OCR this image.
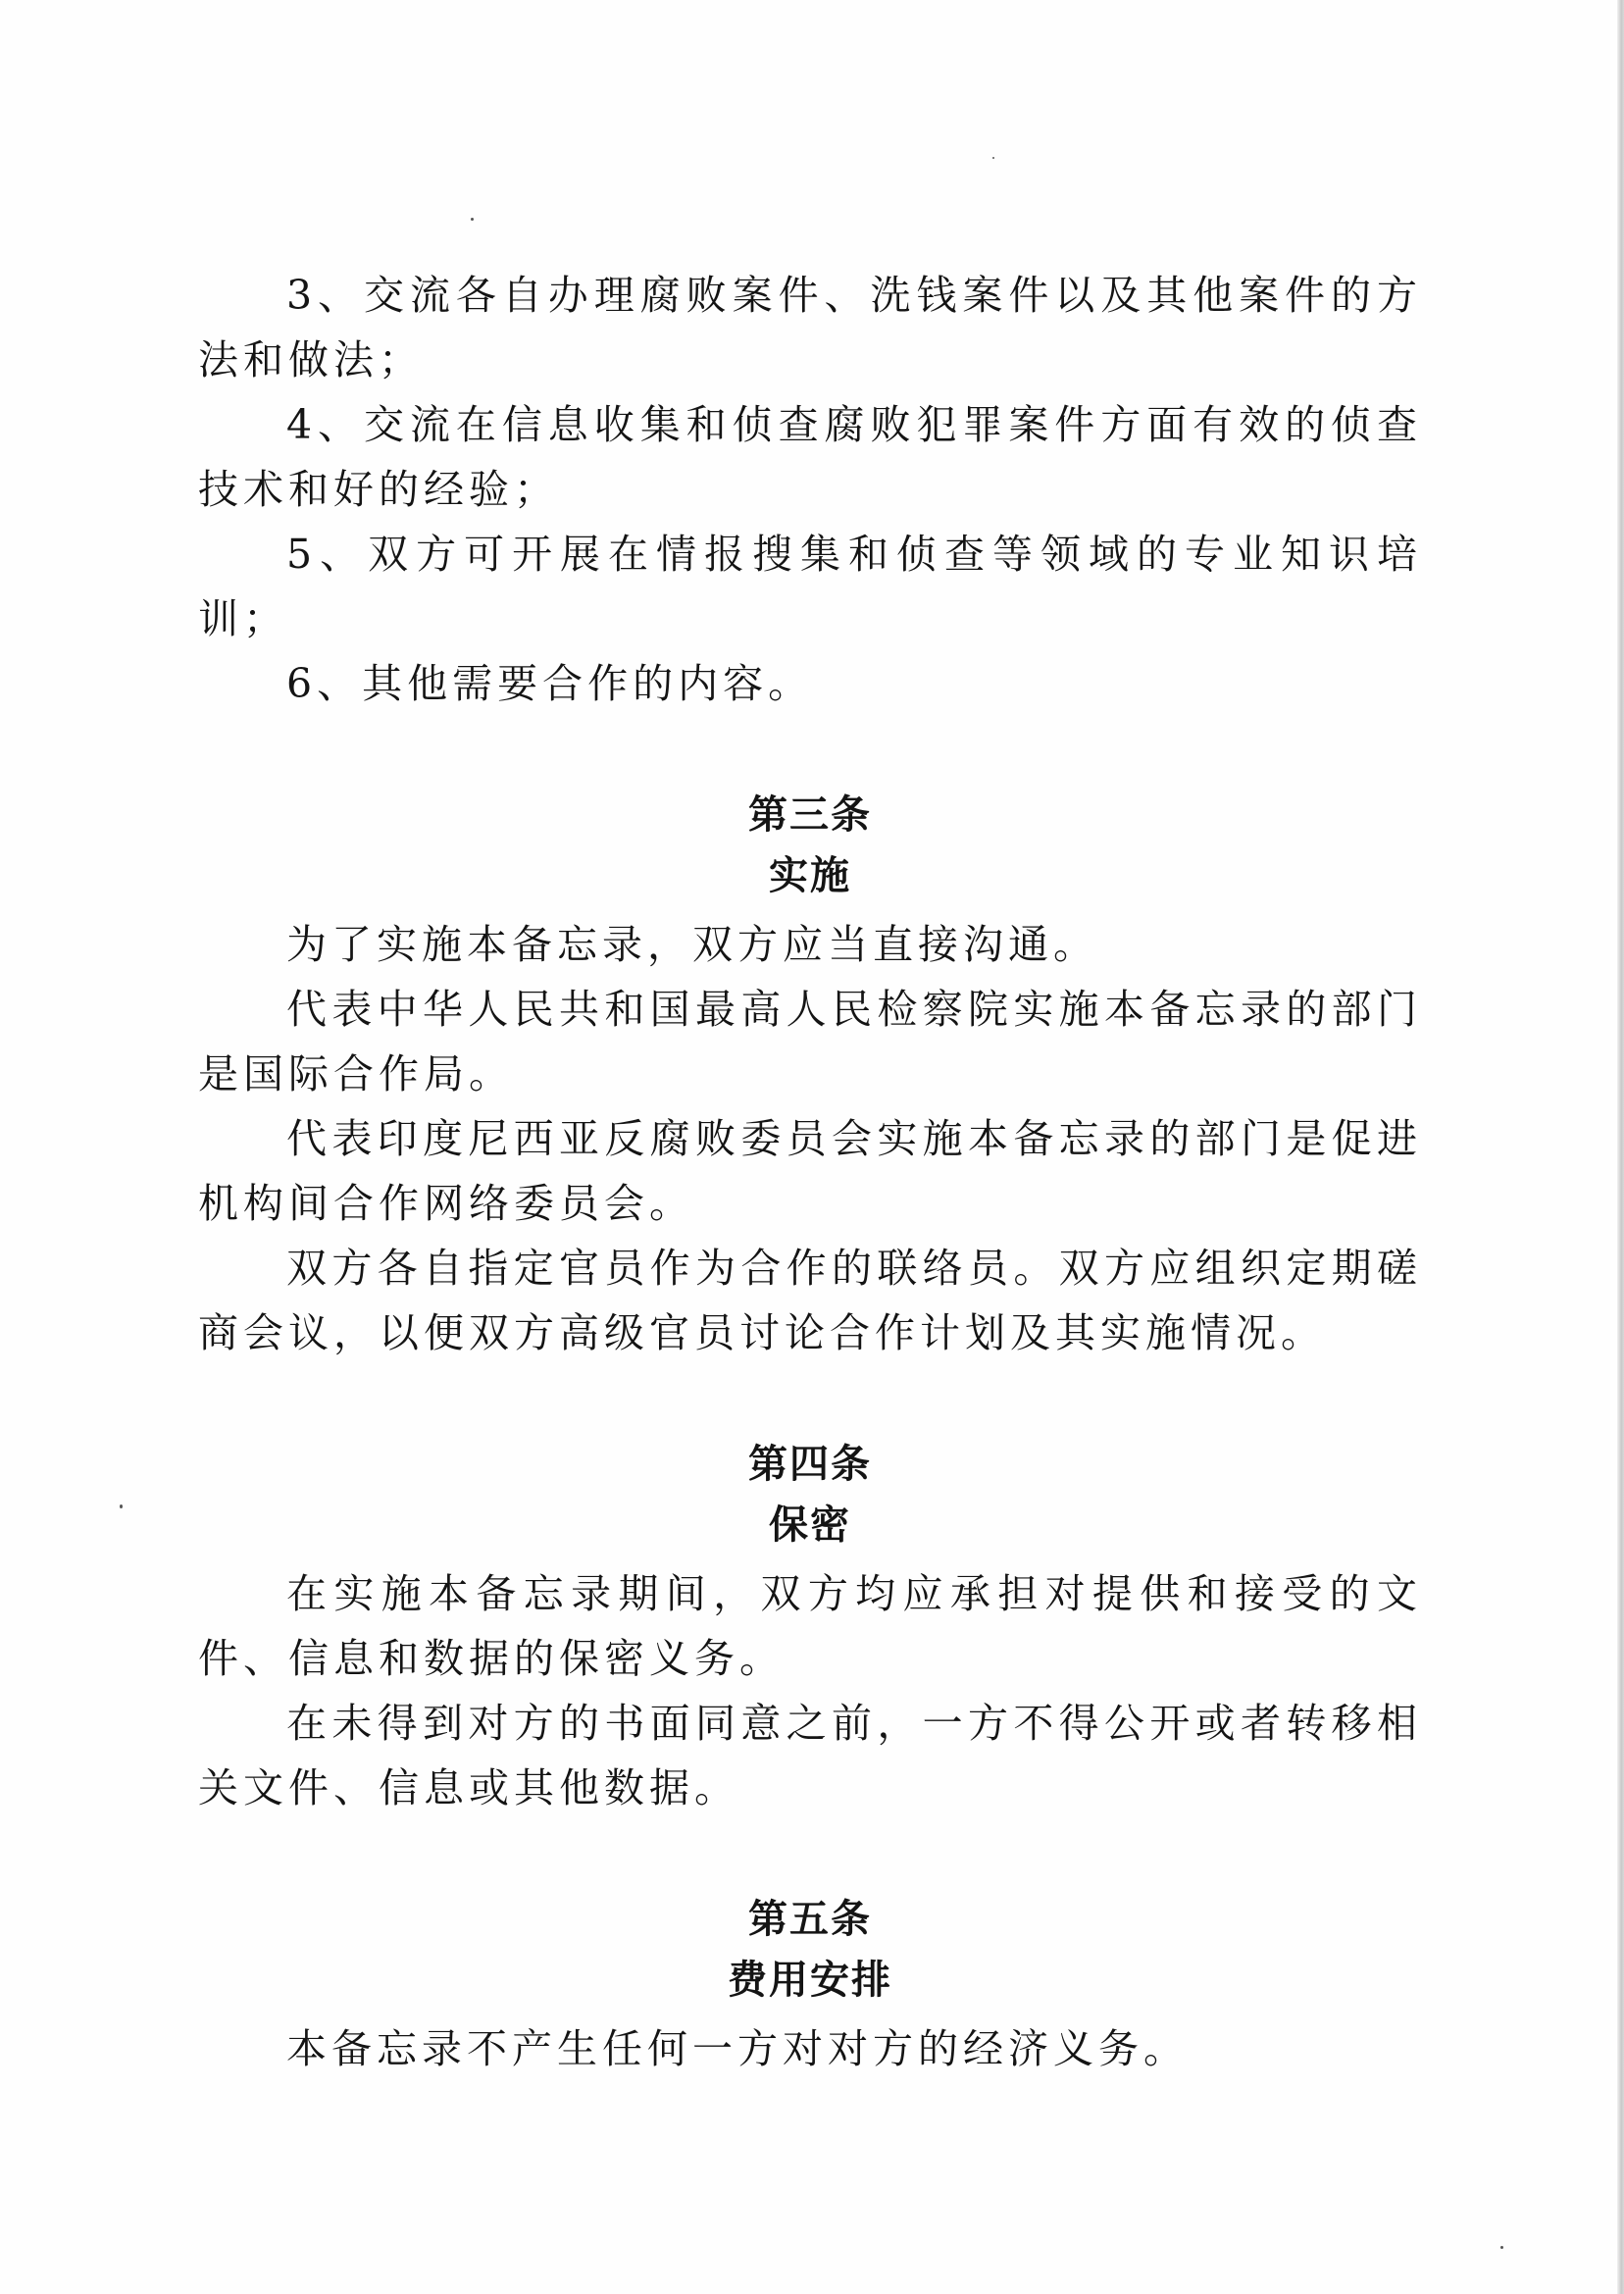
3、交流各自办理腐败案件、洗钱案件以及其他案件的方法和做法；

4、交流在信息收集和侦查腐败犯罪案件方面有效的侦查技术和好的经验；

5、双方可开展在情报搜集和侦查等领域的专业知识培训；

6、其他需要合作的内容。

第三条
实施

为了实施本备忘录，双方应当直接沟通。

代表中华人民共和国最高人民检察院实施本备忘录的部门是国际合作局。

代表印度尼西亚反腐败委员会实施本备忘录的部门是促进机构间合作网络委员会。

双方各自指定官员作为合作的联络员。双方应组织定期磋商会议，以便双方高级官员讨论合作计划及其实施情况。

第四条
保密

在实施本备忘录期间，双方均应承担对提供和接受的文件、信息和数据的保密义务。

在未得到对方的书面同意之前，一方不得公开或者转移相关文件、信息或其他数据。

第五条
费用安排

本备忘录不产生任何一方对对方的经济义务。
